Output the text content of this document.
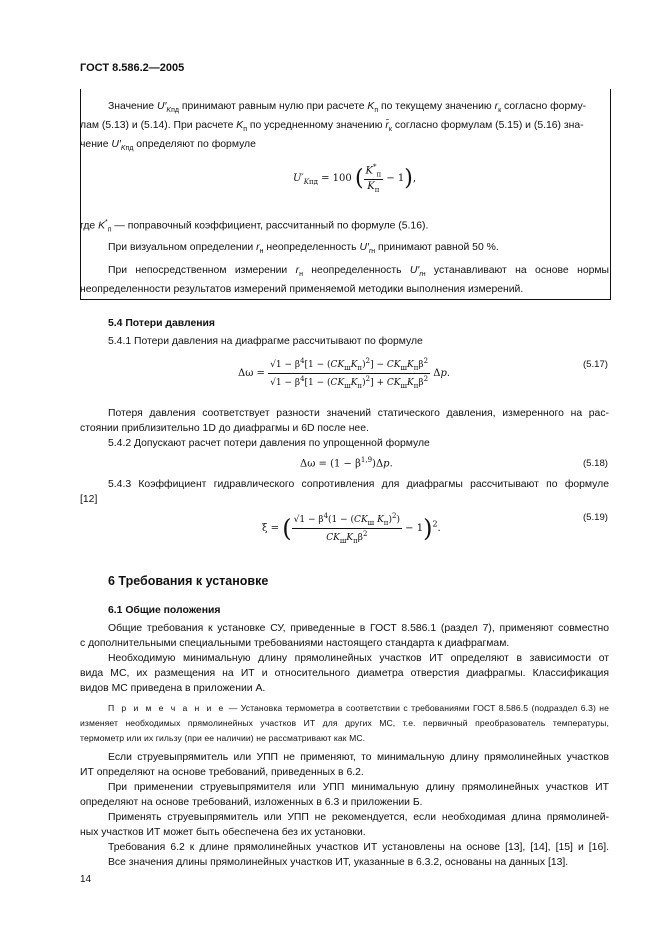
ГОСТ 8.586.2—2005
Значение $U'_{Kпд}$ принимают равным нулю при расчете $K_п$ по текущему значению $r_к$ согласно форму-
лам (5.13) и (5.14). При расчете $K_п$ по усредненному значению $r̄_к$ согласно формулам (5.15) и (5.16) зна-
чение $U'_{Kпд}$ определяют по формуле
$U'_{Kпд} = 100$ ( $\frac{K^*_п}{K_п} - 1$),
где $K^*_п$ — поправочный коэффициент, рассчитанный по формуле (5.16).
При визуальном определении $r_н$ неопределенность $U'_{rн}$ принимают равной 50 %.
При непосредственном измерении $r_н$ неопределенность $U'_{rн}$ устанавливают на основе нормы
неопределенности результатов измерений применяемой методики выполнения измерений.
5.4 Потери давления
5.4.1 Потери давления на диафрагме рассчитывают по формуле
$\Delta\omega = \frac{√1 - \beta^4[1 - (CK_шK_п)^2] - CK_шK_п\beta^2}{√1 - \beta^4[1 - (CK_шK_п)^2] + CK_шK_п\beta^2} \Delta p$.
(5.17)
Потеря давления соответствует разности значений статического давления, измеренного на рас-
стоянии приблизительно 1D до диафрагмы и 6D после нее.
5.4.2 Допускают расчет потери давления по упрощенной формуле
$\Delta\omega = (1 - \beta^{1,9})\Delta p$.	(5.18)
5.4.3 Коэффициент гидравлического сопротивления для диафрагмы рассчитывают по формуле
[12]
ξ = ( $\frac{√1 - \beta^4(1 - (CK_ш K_п)^2)}{CK_шK_п\beta^2} - 1)^2$.
(5.19)
6 Требования к установке
6.1 Общие положения
Общие требования к установке СУ, приведенные в ГОСТ 8.586.1 (раздел 7), применяют совместно
с дополнительными специальными требованиями настоящего стандарта к диафрагмам.
Необходимую минимальную длину прямолинейных участков ИТ определяют в зависимости от
вида МС, их размещения на ИТ и относительного диаметра отверстия диафрагмы. Классификация
видов МС приведена в приложении А.
П р и м е ч а н и е — Установка термометра в соответствии с требованиями ГОСТ 8.586.5 (подраздел 6.3) не
изменяет необходимых прямолинейных участков ИТ для других МС, т.е. первичный преобразователь температуры,
термометр или их гильзу (при ее наличии) не рассматривают как МС.
Если струевыпрямитель или УПП не применяют, то минимальную длину прямолинейных участков
ИТ определяют на основе требований, приведенных в 6.2.
При применении струевыпрямителя или УПП минимальную длину прямолинейных участков ИТ
определяют на основе требований, изложенных в 6.3 и приложении Б.
Применять струевыпрямитель или УПП не рекомендуется, если необходимая длина прямолиней-
ных участков ИТ может быть обеспечена без их установки.
Требования 6.2 к длине прямолинейных участков ИТ установлены на основе [13], [14], [15] и [16].
Все значения длины прямолинейных участков ИТ, указанные в 6.3.2, основаны на данных [13].
14
